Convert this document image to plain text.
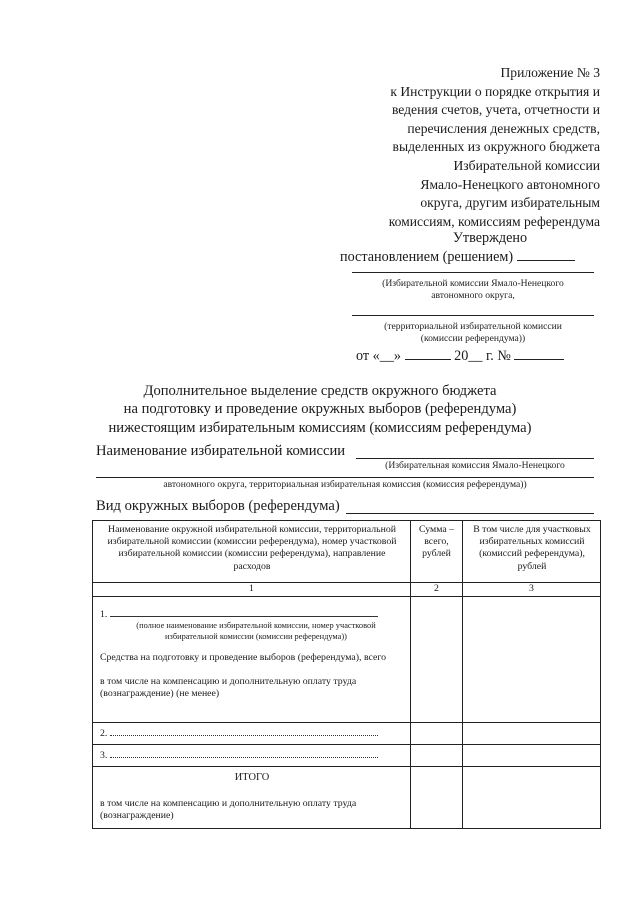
Приложение № 3
к Инструкции о порядке открытия и
ведения счетов, учета, отчетности и
перечисления денежных средств,
выделенных из окружного бюджета
Избирательной комиссии
Ямало-Ненецкого автономного
округа, другим избирательным
комиссиям, комиссиям референдума
Утверждено
постановлением (решением)
(Избирательной комиссии Ямало-Ненецкого
автономного округа,
(территориальной избирательной комиссии
(комиссии референдума))
от «__»	20__ г. №
Дополнительное выделение средств окружного бюджета
на подготовку и проведение окружных выборов (референдума)
нижестоящим избирательным комиссиям (комиссиям референдума)
Наименование избирательной комиссии
(Избирательная комиссия Ямало-Ненецкого
автономного округа, территориальная избирательная комиссия (комиссия референдума))
Вид окружных выборов (референдума)
Наименование окружной избирательной комиссии, территориальной избирательной комиссии (комиссии референдума), номер участковой избирательной комиссии (комиссии референдума), направление расходов	Сумма – всего, рублей	В том числе для участковых избирательных комиссий (комиссий референдума), рублей
1	2	3

1.
(полное наименование избирательной комиссии, номер участковой избирательной комиссии (комиссии референдума))
Средства на подготовку и проведение выборов (референдума), всего
в том числе на компенсацию и дополнительную оплату труда (вознаграждение) (не менее)		

2.		
3.		

ИТОГО
в том числе на компенсацию и дополнительную оплату труда (вознаграждение)		
